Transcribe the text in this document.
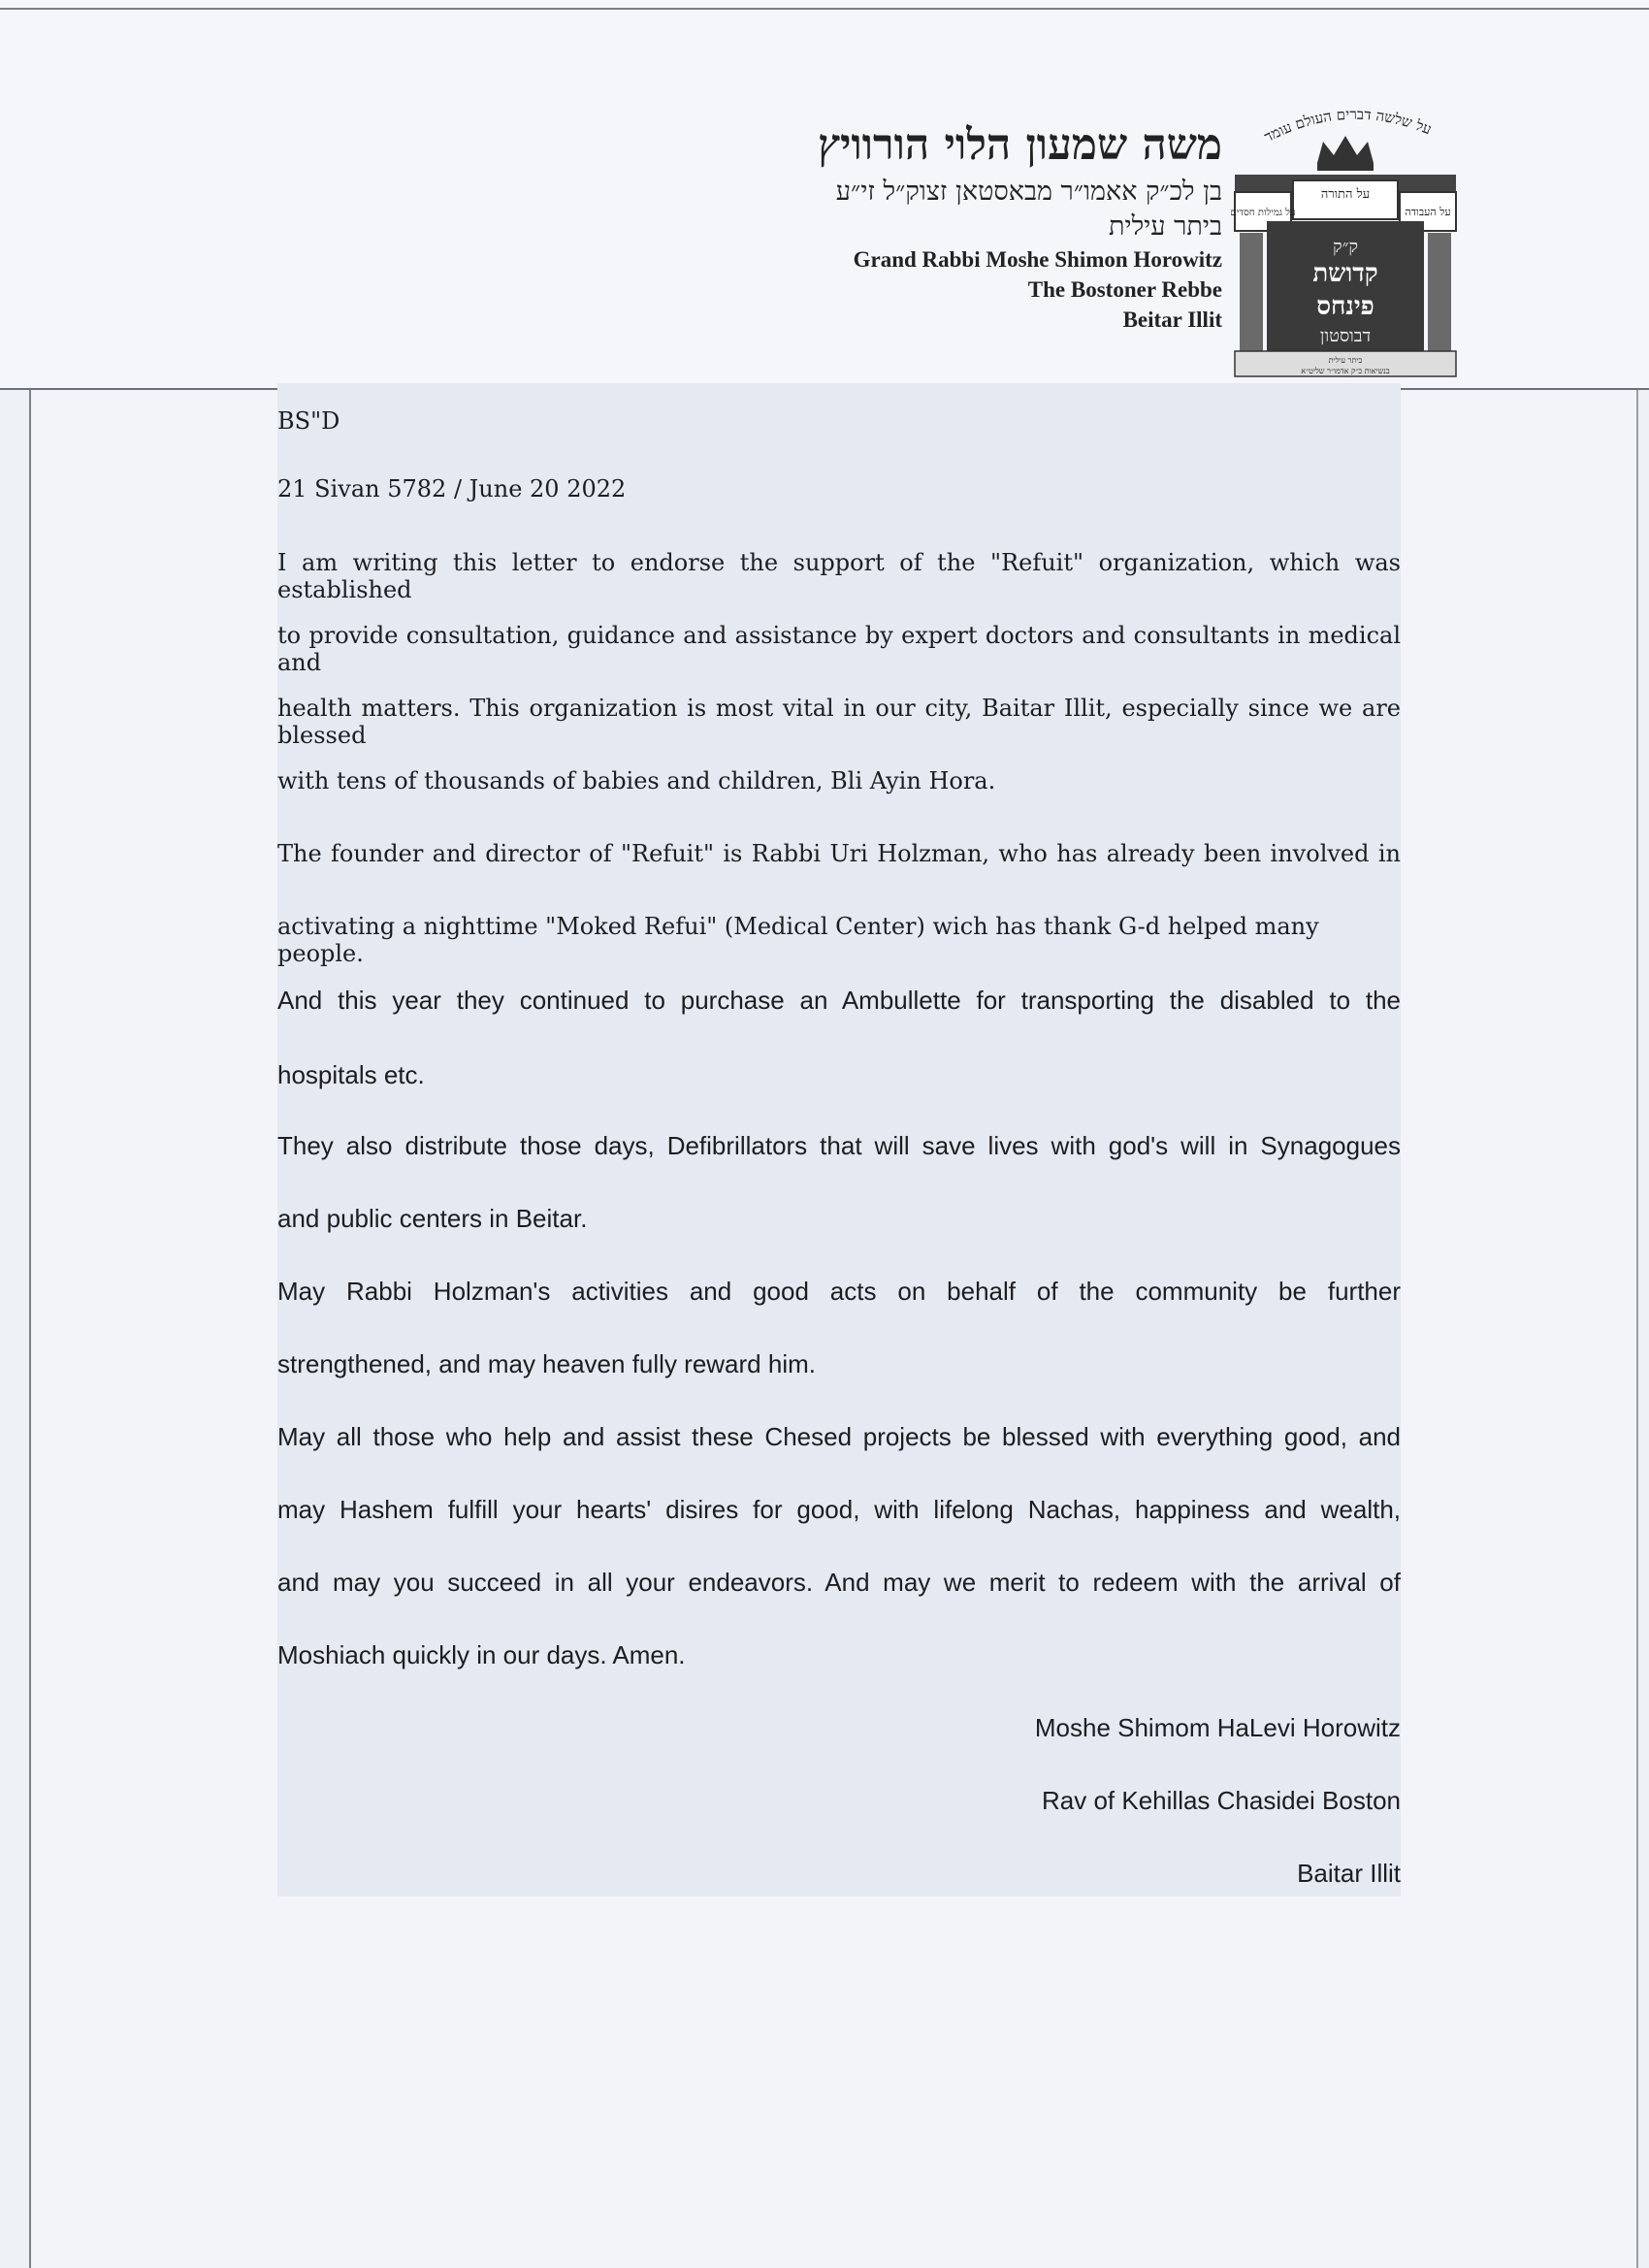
משה שמעון הלוי הורוויץ
בן לכ״ק אאמו״ר מבאסטאן זצוק״ל זי״ע
ביתר עילית
Grand Rabbi Moshe Shimon Horowitz
The Bostoner Rebbe
Beitar Illit
על שלשה דברים העולם עומד
על התורה
על גמילות חסדים	על העבודה
ק״ק
קדושת
פינחס
דבוסטון
ביתר עילית
בנשיאות כ״ק אדמו״ר שליט״א
BS"D
21 Sivan 5782 / June 20 2022
I am writing this letter to endorse the support of the "Refuit" organization, which was established
to provide consultation, guidance and assistance by expert doctors and consultants in medical and
health matters. This organization is most vital in our city, Baitar Illit, especially since we are blessed
with tens of thousands of babies and children, Bli Ayin Hora.
The founder and director of "Refuit" is Rabbi Uri Holzman, who has already been involved in
activating a nighttime "Moked Refui" (Medical Center) wich has thank G-d helped many people.
And this year they continued to purchase an Ambullette for transporting the disabled to the
hospitals etc.
They also distribute those days, Defibrillators that will save lives with god's will in Synagogues
and public centers in Beitar.
May Rabbi Holzman's activities and good acts on behalf of the community be further
strengthened, and may heaven fully reward him.
May all those who help and assist these Chesed projects be blessed with everything good, and
may Hashem fulfill your hearts' disires for good, with lifelong Nachas, happiness and wealth,
and may you succeed in all your endeavors. And may we merit to redeem with the arrival of
Moshiach quickly in our days. Amen.
Moshe Shimom HaLevi Horowitz
Rav of Kehillas Chasidei Boston
Baitar Illit
